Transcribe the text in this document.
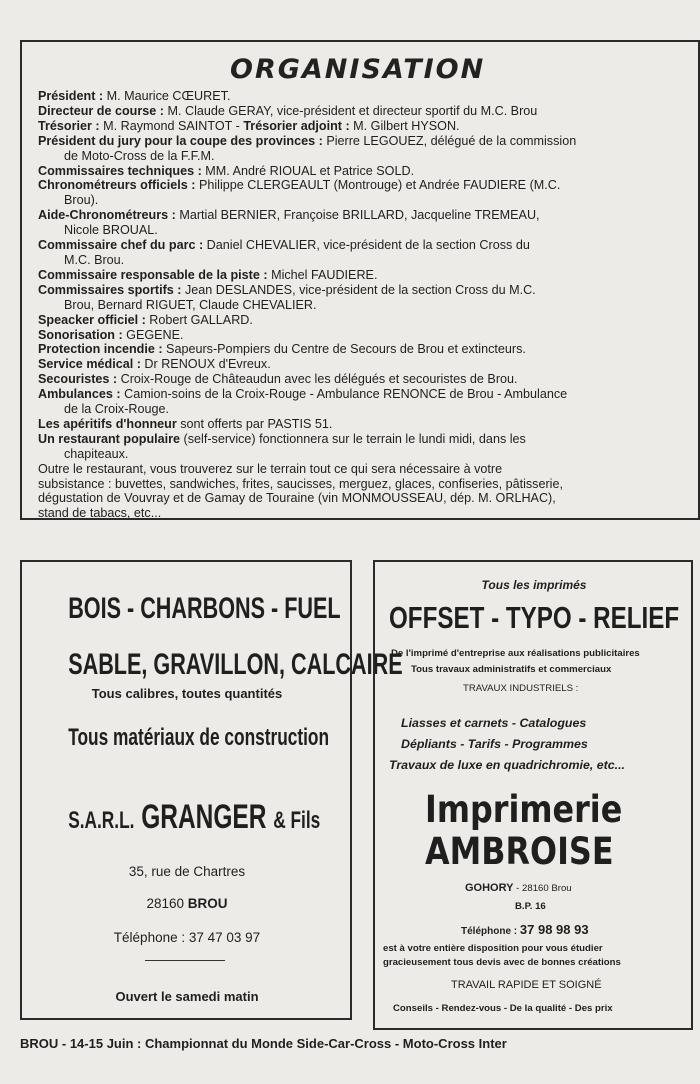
ORGANISATION
Président : M. Maurice CŒURET.
Directeur de course : M. Claude GERAY, vice-président et directeur sportif du M.C. Brou
Trésorier : M. Raymond SAINTOT - Trésorier adjoint : M. Gilbert HYSON.
Président du jury pour la coupe des provinces : Pierre LEGOUEZ, délégué de la commission
de Moto-Cross de la F.F.M.
Commissaires techniques : MM. André RIOUAL et Patrice SOLD.
Chronométreurs officiels : Philippe CLERGEAULT (Montrouge) et Andrée FAUDIERE (M.C.
Brou).
Aide-Chronométreurs : Martial BERNIER, Françoise BRILLARD, Jacqueline TREMEAU,
Nicole BROUAL.
Commissaire chef du parc : Daniel CHEVALIER, vice-président de la section Cross du
M.C. Brou.
Commissaire responsable de la piste : Michel FAUDIERE.
Commissaires sportifs : Jean DESLANDES, vice-président de la section Cross du M.C.
Brou, Bernard RIGUET, Claude CHEVALIER.
Speacker officiel : Robert GALLARD.
Sonorisation : GEGENE.
Protection incendie : Sapeurs-Pompiers du Centre de Secours de Brou et extincteurs.
Service médical : Dr RENOUX d'Evreux.
Secouristes : Croix-Rouge de Châteaudun avec les délégués et secouristes de Brou.
Ambulances : Camion-soins de la Croix-Rouge - Ambulance RENONCE de Brou - Ambulance
de la Croix-Rouge.
Les apéritifs d'honneur sont offerts par PASTIS 51.
Un restaurant populaire (self-service) fonctionnera sur le terrain le lundi midi, dans les
chapiteaux.
Outre le restaurant, vous trouverez sur le terrain tout ce qui sera nécessaire à votre
subsistance : buvettes, sandwiches, frites, saucisses, merguez, glaces, confiseries, pâtisserie,
dégustation de Vouvray et de Gamay de Touraine (vin MONMOUSSEAU, dép. M. ORLHAC),
stand de tabacs, etc...
BOIS - CHARBONS - FUEL
SABLE, GRAVILLON, CALCAIRE
Tous calibres, toutes quantités
Tous matériaux de construction
S.A.R.L. GRANGER & Fils
35, rue de Chartres
28160 BROU
Téléphone : 37 47 03 97
Ouvert le samedi matin
Tous les imprimés
OFFSET - TYPO - RELIEF
De l'imprimé d'entreprise aux réalisations publicitaires
Tous travaux administratifs et commerciaux
TRAVAUX INDUSTRIELS :
Liasses et carnets - Catalogues
Dépliants - Tarifs - Programmes
Travaux de luxe en quadrichromie, etc...
Imprimerie
AMBROISE
GOHORY - 28160 Brou
B.P. 16
Téléphone : 37 98 98 93
est à votre entière disposition pour vous étudier
gracieusement tous devis avec de bonnes créations
TRAVAIL RAPIDE ET SOIGNÉ
Conseils - Rendez-vous - De la qualité - Des prix

BROU - 14-15 Juin : Championnat du Monde Side-Car-Cross - Moto-Cross Inter
